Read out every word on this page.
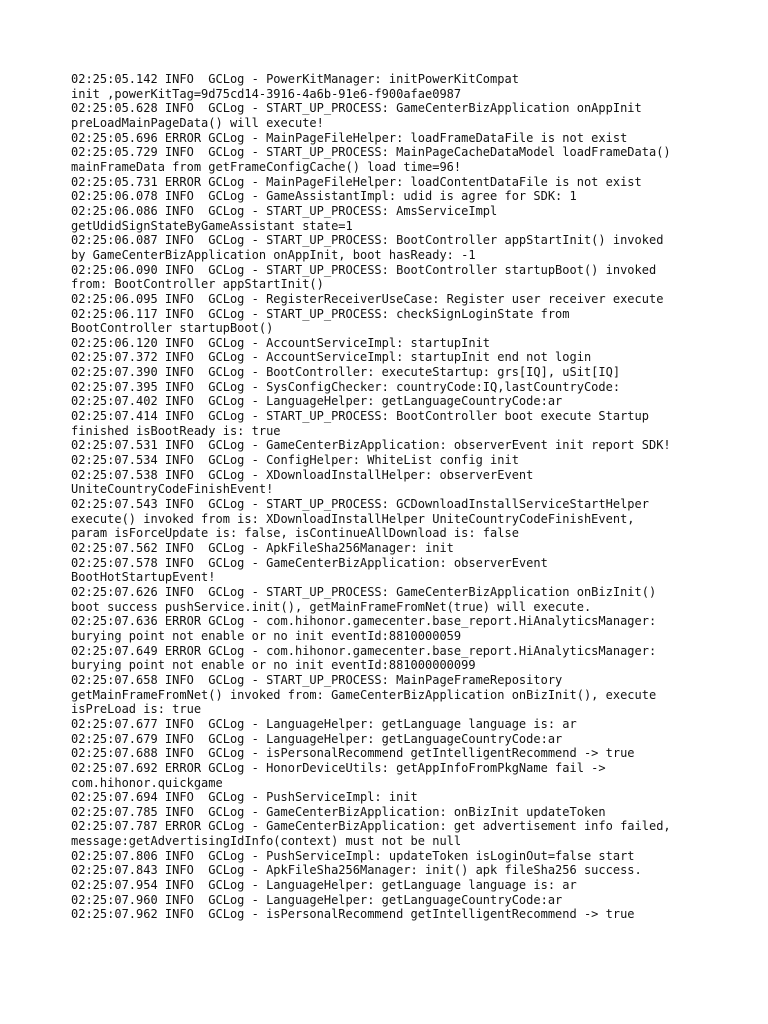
02:25:05.142 INFO  GCLog - PowerKitManager: initPowerKitCompat
init ,powerKitTag=9d75cd14-3916-4a6b-91e6-f900afae0987
02:25:05.628 INFO  GCLog - START_UP_PROCESS: GameCenterBizApplication onAppInit
preLoadMainPageData() will execute!
02:25:05.696 ERROR GCLog - MainPageFileHelper: loadFrameDataFile is not exist
02:25:05.729 INFO  GCLog - START_UP_PROCESS: MainPageCacheDataModel loadFrameData()
mainFrameData from getFrameConfigCache() load time=96!
02:25:05.731 ERROR GCLog - MainPageFileHelper: loadContentDataFile is not exist
02:25:06.078 INFO  GCLog - GameAssistantImpl: udid is agree for SDK: 1
02:25:06.086 INFO  GCLog - START_UP_PROCESS: AmsServiceImpl
getUdidSignStateByGameAssistant state=1
02:25:06.087 INFO  GCLog - START_UP_PROCESS: BootController appStartInit() invoked
by GameCenterBizApplication onAppInit, boot hasReady: -1
02:25:06.090 INFO  GCLog - START_UP_PROCESS: BootController startupBoot() invoked
from: BootController appStartInit()
02:25:06.095 INFO  GCLog - RegisterReceiverUseCase: Register user receiver execute
02:25:06.117 INFO  GCLog - START_UP_PROCESS: checkSignLoginState from
BootController startupBoot()
02:25:06.120 INFO  GCLog - AccountServiceImpl: startupInit
02:25:07.372 INFO  GCLog - AccountServiceImpl: startupInit end not login
02:25:07.390 INFO  GCLog - BootController: executeStartup: grs[IQ], uSit[IQ]
02:25:07.395 INFO  GCLog - SysConfigChecker: countryCode:IQ,lastCountryCode:
02:25:07.402 INFO  GCLog - LanguageHelper: getLanguageCountryCode:ar
02:25:07.414 INFO  GCLog - START_UP_PROCESS: BootController boot execute Startup
finished isBootReady is: true
02:25:07.531 INFO  GCLog - GameCenterBizApplication: observerEvent init report SDK!
02:25:07.534 INFO  GCLog - ConfigHelper: WhiteList config init
02:25:07.538 INFO  GCLog - XDownloadInstallHelper: observerEvent
UniteCountryCodeFinishEvent!
02:25:07.543 INFO  GCLog - START_UP_PROCESS: GCDownloadInstallServiceStartHelper
execute() invoked from is: XDownloadInstallHelper UniteCountryCodeFinishEvent,
param isForceUpdate is: false, isContinueAllDownload is: false
02:25:07.562 INFO  GCLog - ApkFileSha256Manager: init
02:25:07.578 INFO  GCLog - GameCenterBizApplication: observerEvent
BootHotStartupEvent!
02:25:07.626 INFO  GCLog - START_UP_PROCESS: GameCenterBizApplication onBizInit()
boot success pushService.init(), getMainFrameFromNet(true) will execute.
02:25:07.636 ERROR GCLog - com.hihonor.gamecenter.base_report.HiAnalyticsManager:
burying point not enable or no init eventId:8810000059
02:25:07.649 ERROR GCLog - com.hihonor.gamecenter.base_report.HiAnalyticsManager:
burying point not enable or no init eventId:881000000099
02:25:07.658 INFO  GCLog - START_UP_PROCESS: MainPageFrameRepository
getMainFrameFromNet() invoked from: GameCenterBizApplication onBizInit(), execute
isPreLoad is: true
02:25:07.677 INFO  GCLog - LanguageHelper: getLanguage language is: ar
02:25:07.679 INFO  GCLog - LanguageHelper: getLanguageCountryCode:ar
02:25:07.688 INFO  GCLog - isPersonalRecommend getIntelligentRecommend -> true
02:25:07.692 ERROR GCLog - HonorDeviceUtils: getAppInfoFromPkgName fail ->
com.hihonor.quickgame
02:25:07.694 INFO  GCLog - PushServiceImpl: init
02:25:07.785 INFO  GCLog - GameCenterBizApplication: onBizInit updateToken
02:25:07.787 ERROR GCLog - GameCenterBizApplication: get advertisement info failed,
message:getAdvertisingIdInfo(context) must not be null
02:25:07.806 INFO  GCLog - PushServiceImpl: updateToken isLoginOut=false start
02:25:07.843 INFO  GCLog - ApkFileSha256Manager: init() apk fileSha256 success.
02:25:07.954 INFO  GCLog - LanguageHelper: getLanguage language is: ar
02:25:07.960 INFO  GCLog - LanguageHelper: getLanguageCountryCode:ar
02:25:07.962 INFO  GCLog - isPersonalRecommend getIntelligentRecommend -> true
